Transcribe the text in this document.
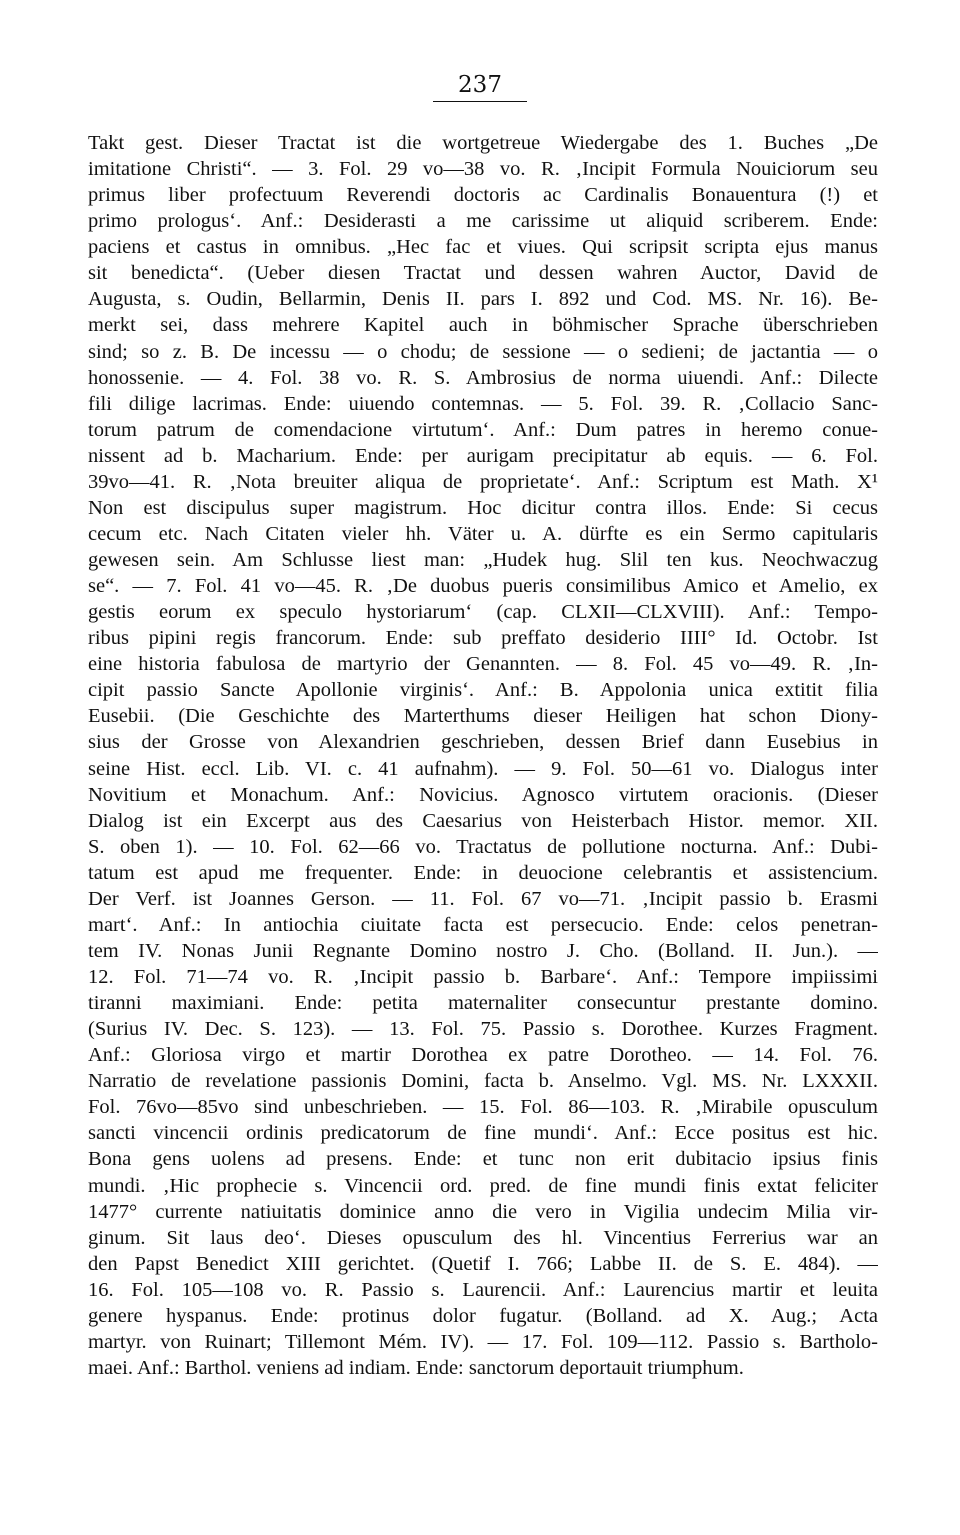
237
Takt gest. Dieser Tractat ist die wortgetreue Wiedergabe des 1. Buches „De
imitatione Christi“. — 3. Fol. 29 vo—38 vo. R. ‚Incipit Formula Nouiciorum seu
primus liber profectuum Reverendi doctoris ac Cardinalis Bonauentura (!) et
primo prologus‘. Anf.: Desiderasti a me carissime ut aliquid scriberem. Ende:
paciens et castus in omnibus. „Hec fac et viues. Qui scripsit scripta ejus manus
sit benedicta“. (Ueber diesen Tractat und dessen wahren Auctor, David de
Augusta, s. Oudin, Bellarmin, Denis II. pars I. 892 und Cod. MS. Nr. 16). Be-
merkt sei, dass mehrere Kapitel auch in böhmischer Sprache überschrieben
sind; so z. B. De incessu — o chodu; de sessione — o sedieni; de jactantia — o
honossenie. — 4. Fol. 38 vo. R. S. Ambrosius de norma uiuendi. Anf.: Dilecte
fili dilige lacrimas. Ende: uiuendo contemnas. — 5. Fol. 39. R. ‚Collacio Sanc-
torum patrum de comendacione virtutum‘. Anf.: Dum patres in heremo conue-
nissent ad b. Macharium. Ende: per aurigam precipitatur ab equis. — 6. Fol.
39vo—41. R. ‚Nota breuiter aliqua de proprietate‘. Anf.: Scriptum est Math. X¹
Non est discipulus super magistrum. Hoc dicitur contra illos. Ende: Si cecus
cecum etc. Nach Citaten vieler hh. Väter u. A. dürfte es ein Sermo capitularis
gewesen sein. Am Schlusse liest man: „Hudek hug. Slil ten kus. Neochwaczug
se“. — 7. Fol. 41 vo—45. R. ‚De duobus pueris consimilibus Amico et Amelio, ex
gestis eorum ex speculo hystoriarum‘ (cap. CLXII—CLXVIII). Anf.: Tempo-
ribus pipini regis francorum. Ende: sub preffato desiderio IIII° Id. Octobr. Ist
eine historia fabulosa de martyrio der Genannten. — 8. Fol. 45 vo—49. R. ‚In-
cipit passio Sancte Apollonie virginis‘. Anf.: B. Appolonia unica extitit filia
Eusebii. (Die Geschichte des Marterthums dieser Heiligen hat schon Diony-
sius der Grosse von Alexandrien geschrieben, dessen Brief dann Eusebius in
seine Hist. eccl. Lib. VI. c. 41 aufnahm). — 9. Fol. 50—61 vo. Dialogus inter
Novitium et Monachum. Anf.: Novicius. Agnosco virtutem oracionis. (Dieser
Dialog ist ein Excerpt aus des Caesarius von Heisterbach Histor. memor. XII.
S. oben 1). — 10. Fol. 62—66 vo. Tractatus de pollutione nocturna. Anf.: Dubi-
tatum est apud me frequenter. Ende: in deuocione celebrantis et assistencium.
Der Verf. ist Joannes Gerson. — 11. Fol. 67 vo—71. ‚Incipit passio b. Erasmi
mart‘. Anf.: In antiochia ciuitate facta est persecucio. Ende: celos penetran-
tem IV. Nonas Junii Regnante Domino nostro J. Cho. (Bolland. II. Jun.). —
12. Fol. 71—74 vo. R. ‚Incipit passio b. Barbare‘. Anf.: Tempore impiissimi
tiranni maximiani. Ende: petita maternaliter consecuntur prestante domino.
(Surius IV. Dec. S. 123). — 13. Fol. 75. Passio s. Dorothee. Kurzes Fragment.
Anf.: Gloriosa virgo et martir Dorothea ex patre Dorotheo. — 14. Fol. 76.
Narratio de revelatione passionis Domini, facta b. Anselmo. Vgl. MS. Nr. LXXXII.
Fol. 76vo—85vo sind unbeschrieben. — 15. Fol. 86—103. R. ‚Mirabile opusculum
sancti vincencii ordinis predicatorum de fine mundi‘. Anf.: Ecce positus est hic.
Bona gens uolens ad presens. Ende: et tunc non erit dubitacio ipsius finis
mundi. ‚Hic prophecie s. Vincencii ord. pred. de fine mundi finis extat feliciter
1477° currente natiuitatis dominice anno die vero in Vigilia undecim Milia vir-
ginum. Sit laus deo‘. Dieses opusculum des hl. Vincentius Ferrerius war an
den Papst Benedict XIII gerichtet. (Quetif I. 766; Labbe II. de S. E. 484). —
16. Fol. 105—108 vo. R. Passio s. Laurencii. Anf.: Laurencius martir et leuita
genere hyspanus. Ende: protinus dolor fugatur. (Bolland. ad X. Aug.; Acta
martyr. von Ruinart; Tillemont Mém. IV). — 17. Fol. 109—112. Passio s. Bartholo-
maei. Anf.: Barthol. veniens ad indiam. Ende: sanctorum deportauit triumphum.
